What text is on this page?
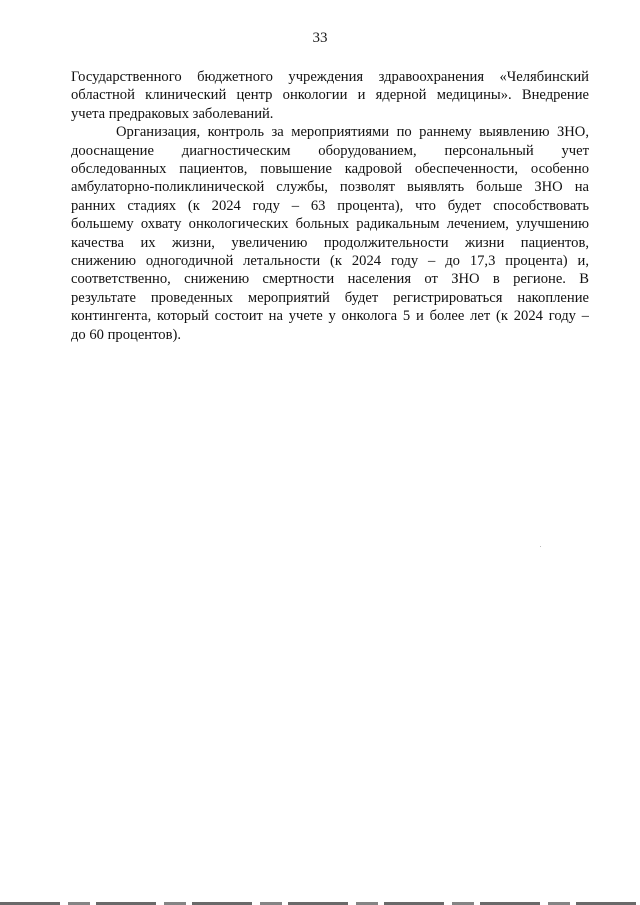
33
Государственного бюджетного учреждения здравоохранения «Челябинский
областной клинический центр онкологии и ядерной медицины». Внедрение
учета предраковых заболеваний.
Организация, контроль за мероприятиями по раннему выявлению ЗНО,
дооснащение диагностическим оборудованием, персональный учет
обследованных пациентов, повышение кадровой обеспеченности, особенно
амбулаторно-поликлинической службы, позволят выявлять больше ЗНО на
ранних стадиях (к 2024 году – 63 процента), что будет способствовать
большему охвату онкологических больных радикальным лечением, улучшению
качества их жизни, увеличению продолжительности жизни пациентов,
снижению одногодичной летальности (к 2024 году – до 17,3 процента) и,
соответственно, снижению смертности населения от ЗНО в регионе. В
результате проведенных мероприятий будет регистрироваться накопление
контингента, который состоит на учете у онколога 5 и более лет (к 2024 году –
до 60 процентов).
